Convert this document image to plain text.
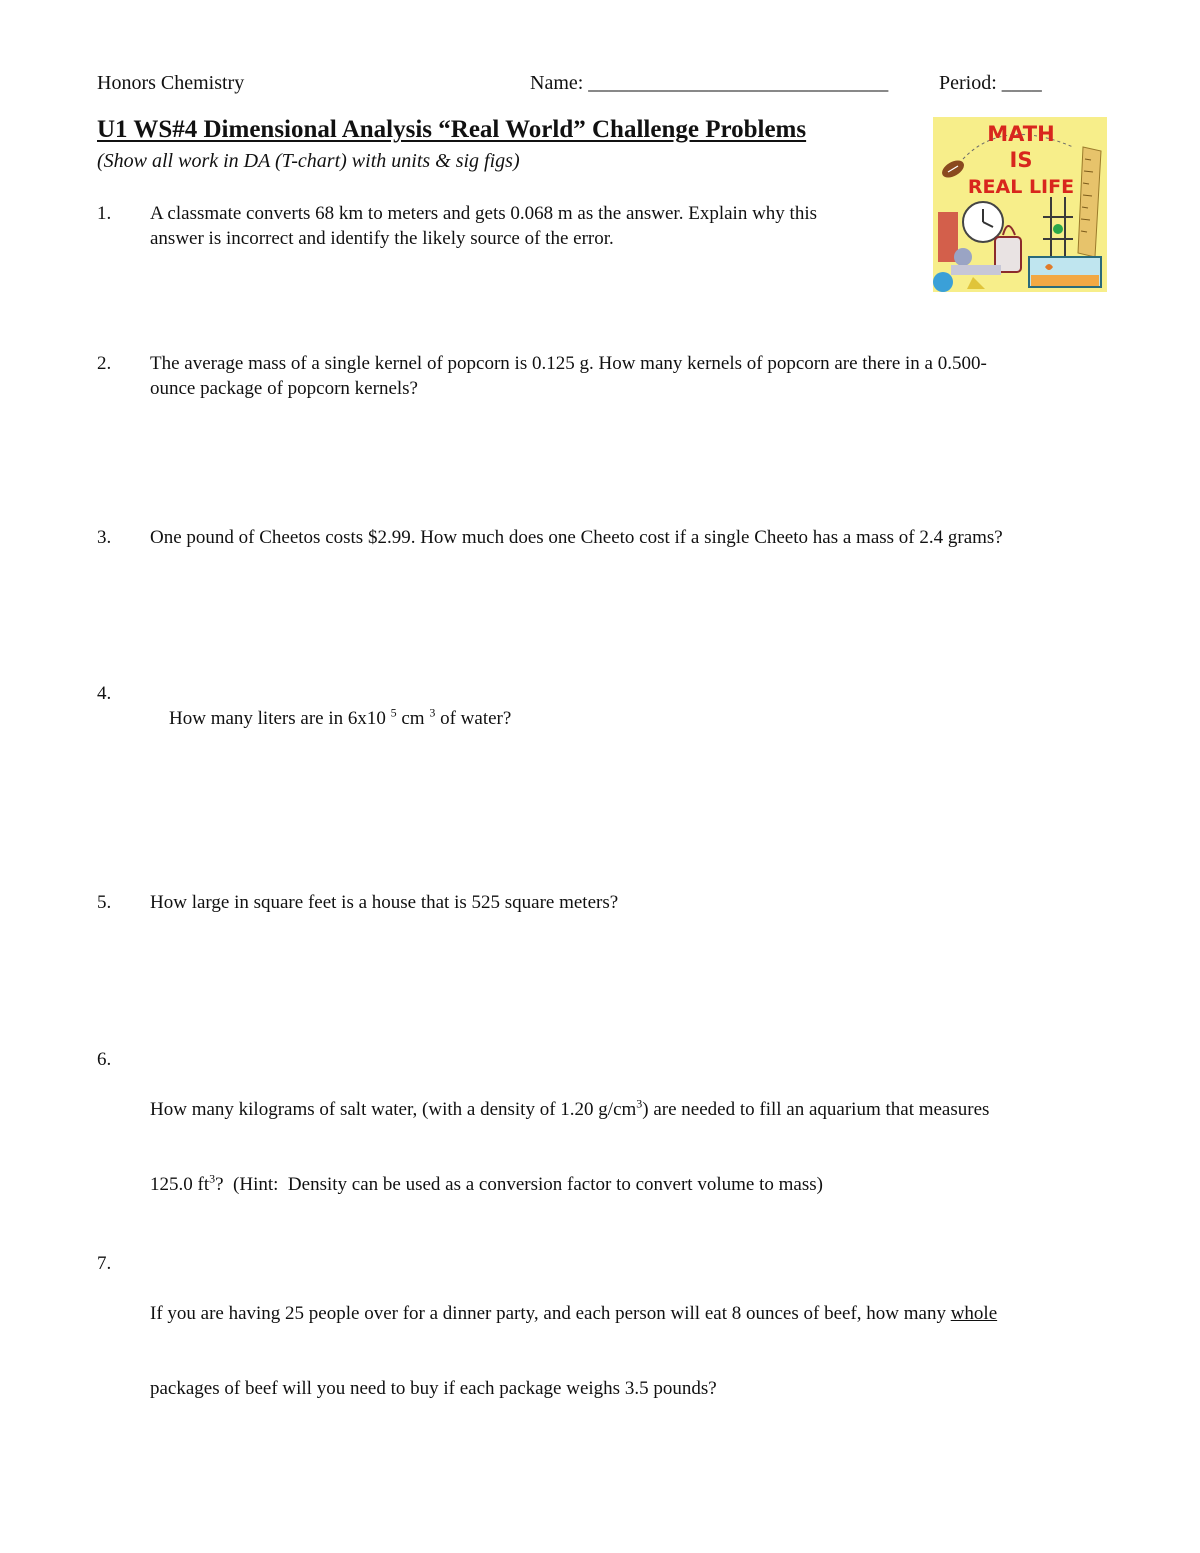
Honors Chemistry	Name: ______________________________	Period: ____
U1 WS#4 Dimensional Analysis “Real World” Challenge Problems
(Show all work in DA (T-chart) with units & sig figs)
MATH
IS
REAL LIFE
1. A classmate converts 68 km to meters and gets 0.068 m as the answer. Explain why this
answer is incorrect and identify the likely source of the error.
2. The average mass of a single kernel of popcorn is 0.125 g. How many kernels of popcorn are there in a 0.500-
ounce package of popcorn kernels?
3. One pound of Cheetos costs $2.99. How much does one Cheeto cost if a single Cheeto has a mass of 2.4 grams?
4.

How many liters are in 6x10 $^5$ cm $^3$ of water?

5. How large in square feet is a house that is 525 square meters?
6.

How many kilograms of salt water, (with a density of 1.20 $g/cm^3$) are needed to fill an aquarium that measures

125.0 $ft^3$?  (Hint:  Density can be used as a conversion factor to convert volume to mass)

7.

If you are having 25 people over for a dinner party, and each person will eat 8 ounces of beef, how many whole

packages of beef will you need to buy if each package weighs 3.5 pounds?
